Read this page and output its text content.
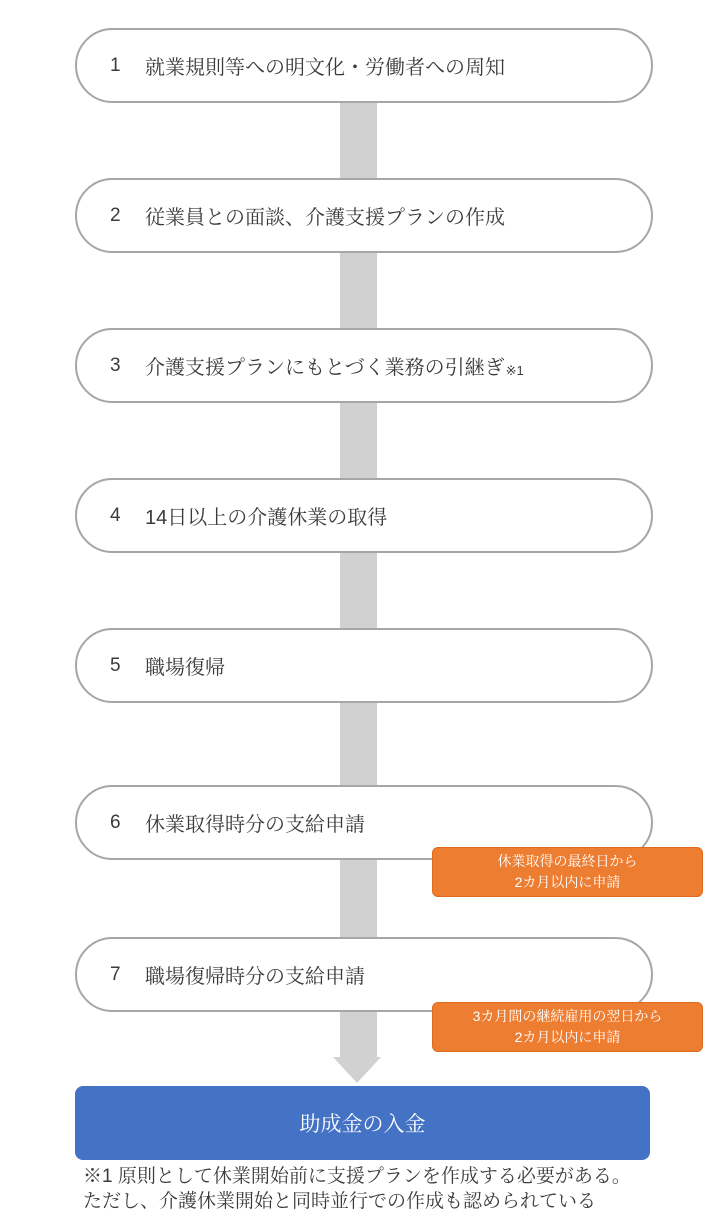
1	就業規則等への明文化・労働者への周知
2	従業員との面談、介護支援プランの作成
3	介護支援プランにもとづく業務の引継ぎ ※1
4	14日以上の介護休業の取得
5	職場復帰
6	休業取得時分の支給申請
7	職場復帰時分の支給申請
休業取得の最終日から
2カ月以内に申請
3カ月間の継続雇用の翌日から
2カ月以内に申請
助成金の入金
※1 原則として休業開始前に支援プランを作成する必要がある。
ただし、介護休業開始と同時並行での作成も認められている
